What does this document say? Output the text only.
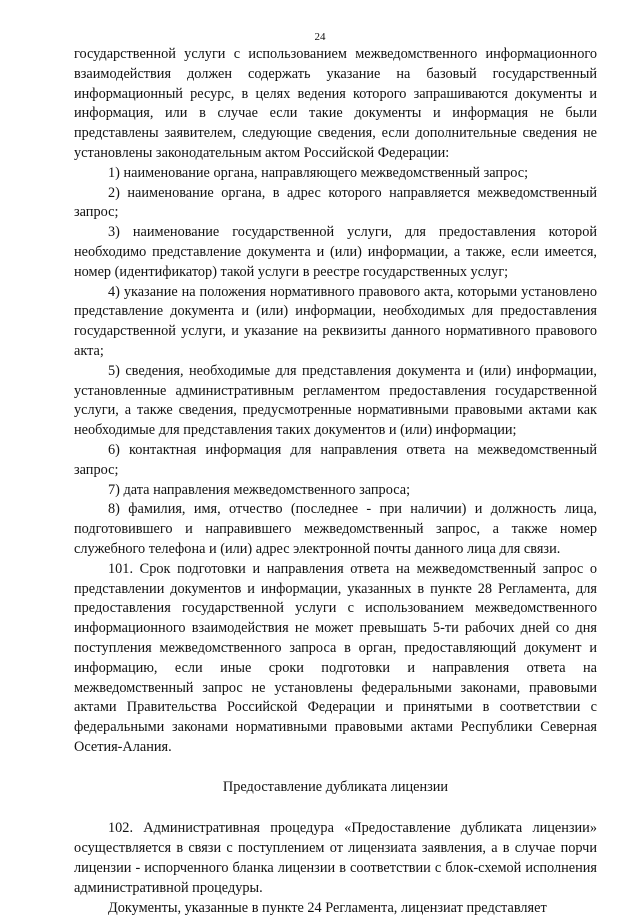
24

государственной услуги с использованием межведомственного информационного взаимодействия должен содержать указание на базовый государственный информационный ресурс, в целях ведения которого запрашиваются документы и информация, или в случае если такие документы и информация не были представлены заявителем, следующие сведения, если дополнительные сведения не установлены законодательным актом Российской Федерации:

1) наименование органа, направляющего межведомственный запрос;

2) наименование органа, в адрес которого направляется межведомственный запрос;

3) наименование государственной услуги, для предоставления которой необходимо представление документа и (или) информации, а также, если имеется, номер (идентификатор) такой услуги в реестре государственных услуг;

4) указание на положения нормативного правового акта, которыми установлено представление документа и (или) информации, необходимых для предоставления государственной услуги, и указание на реквизиты данного нормативного правового акта;

5) сведения, необходимые для представления документа и (или) информации, установленные административным регламентом предоставления государственной услуги, а также сведения, предусмотренные нормативными правовыми актами как необходимые для представления таких документов и (или) информации;

6) контактная информация для направления ответа на межведомственный запрос;

7) дата направления межведомственного запроса;

8) фамилия, имя, отчество (последнее - при наличии) и должность лица, подготовившего и направившего межведомственный запрос, а также номер служебного телефона и (или) адрес электронной почты данного лица для связи.

101. Срок подготовки и направления ответа на межведомственный запрос о представлении документов и информации, указанных в пункте 28 Регламента, для предоставления государственной услуги с использованием межведомственного информационного взаимодействия не может превышать 5-ти рабочих дней со дня поступления межведомственного запроса в орган, предоставляющий документ и информацию, если иные сроки подготовки и направления ответа на межведомственный запрос не установлены федеральными законами, правовыми актами Правительства Российской Федерации и принятыми в соответствии с федеральными законами нормативными правовыми актами Республики Северная Осетия-Алания.

Предоставление дубликата лицензии

102. Административная процедура «Предоставление дубликата лицензии» осуществляется в связи с поступлением от лицензиата заявления, а в случае порчи лицензии - испорченного бланка лицензии в соответствии с блок-схемой исполнения административной процедуры.

Документы, указанные в пункте 24 Регламента, лицензиат представляет
